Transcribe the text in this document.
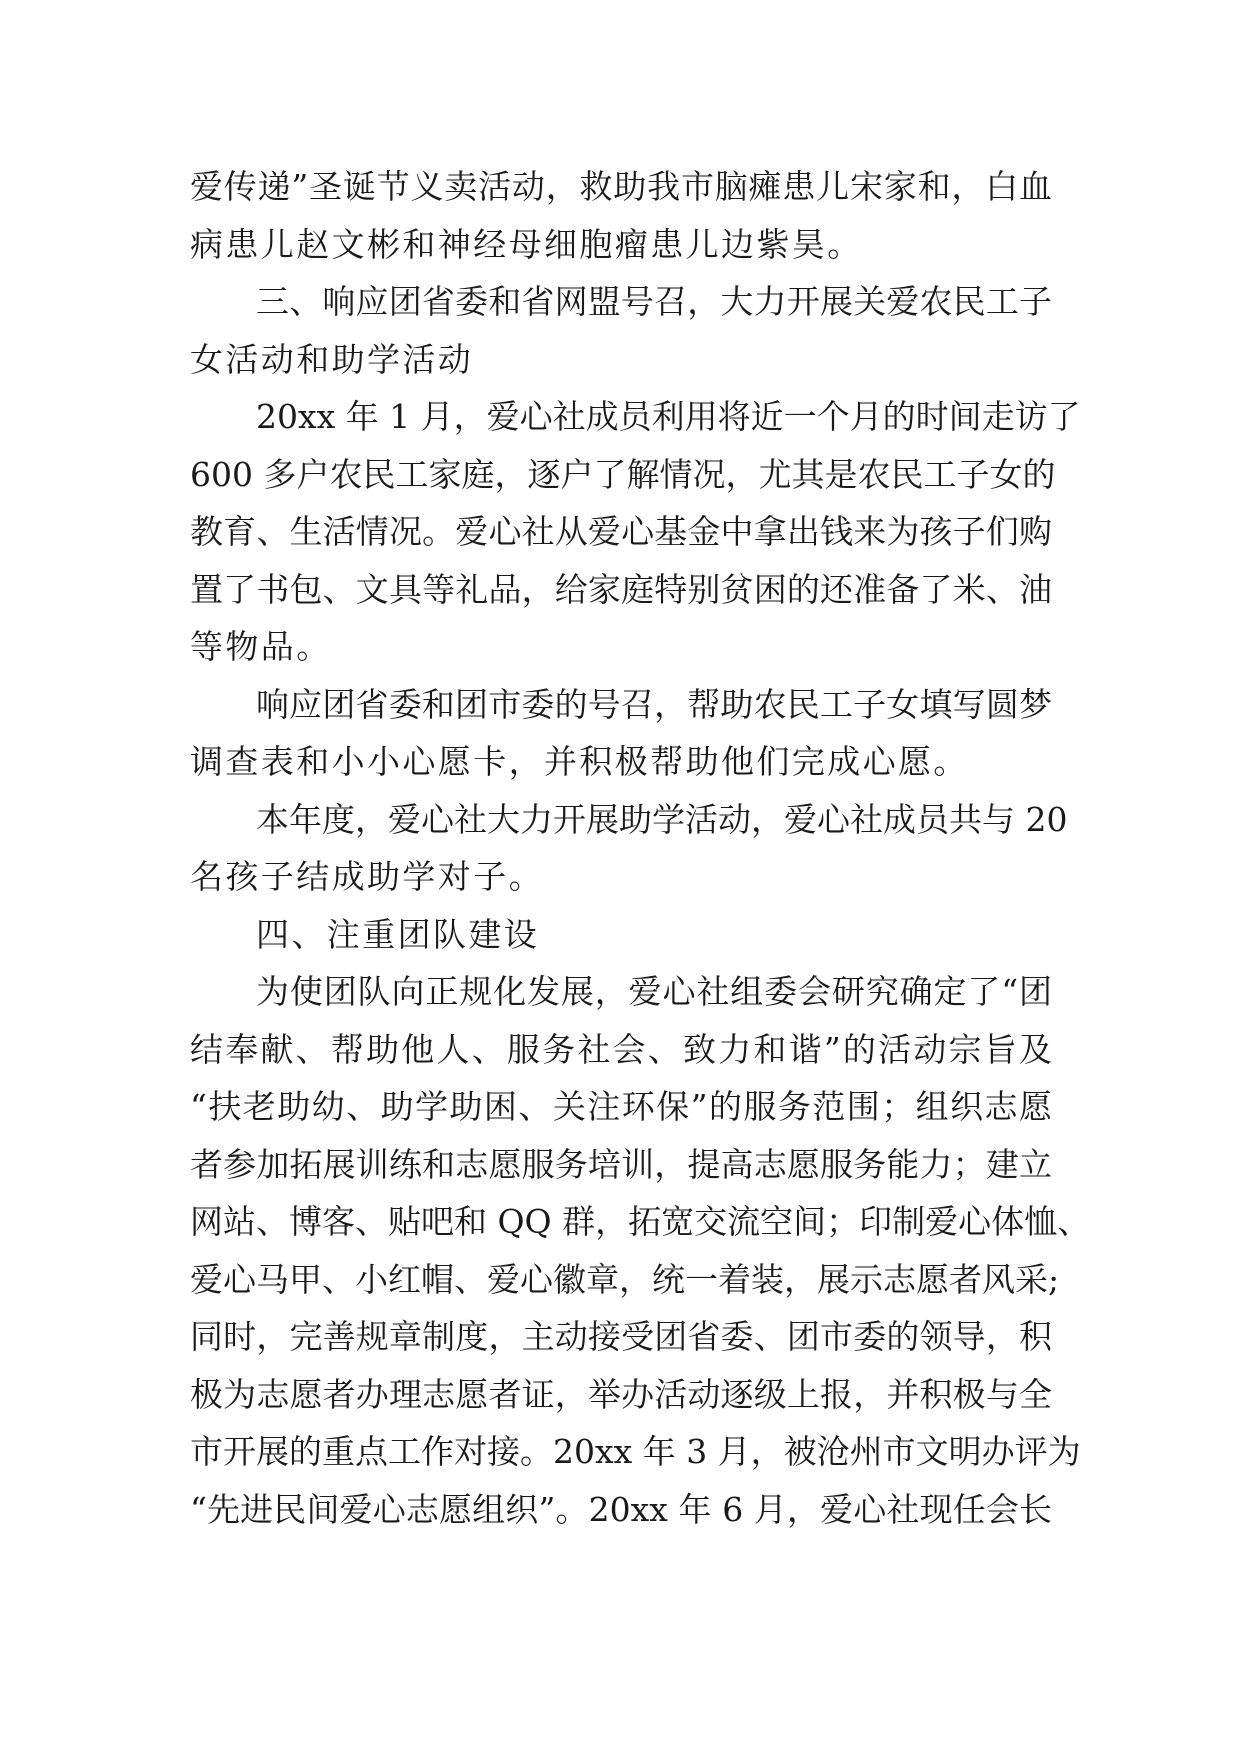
爱传递”圣诞节义卖活动，救助我市脑瘫患儿宋家和，白血
病患儿赵文彬和神经母细胞瘤患儿边紫昊。
三、响应团省委和省网盟号召，大力开展关爱农民工子
女活动和助学活动
20xx 年 1 月，爱心社成员利用将近一个月的时间走访了
600 多户农民工家庭，逐户了解情况，尤其是农民工子女的
教育、生活情况。爱心社从爱心基金中拿出钱来为孩子们购
置了书包、文具等礼品，给家庭特别贫困的还准备了米、油
等物品。
响应团省委和团市委的号召，帮助农民工子女填写圆梦
调查表和小小心愿卡，并积极帮助他们完成心愿。
本年度，爱心社大力开展助学活动，爱心社成员共与 20
名孩子结成助学对子。
四、注重团队建设
为使团队向正规化发展，爱心社组委会研究确定了“团
结奉献、帮助他人、服务社会、致力和谐”的活动宗旨及
“扶老助幼、助学助困、关注环保”的服务范围；组织志愿
者参加拓展训练和志愿服务培训，提高志愿服务能力；建立
网站、博客、贴吧和 QQ 群，拓宽交流空间；印制爱心体恤、
爱心马甲、小红帽、爱心徽章，统一着装，展示志愿者风采;
同时，完善规章制度，主动接受团省委、团市委的领导，积
极为志愿者办理志愿者证，举办活动逐级上报，并积极与全
市开展的重点工作对接。20xx 年 3 月，被沧州市文明办评为
“先进民间爱心志愿组织”。20xx 年 6 月，爱心社现任会长
